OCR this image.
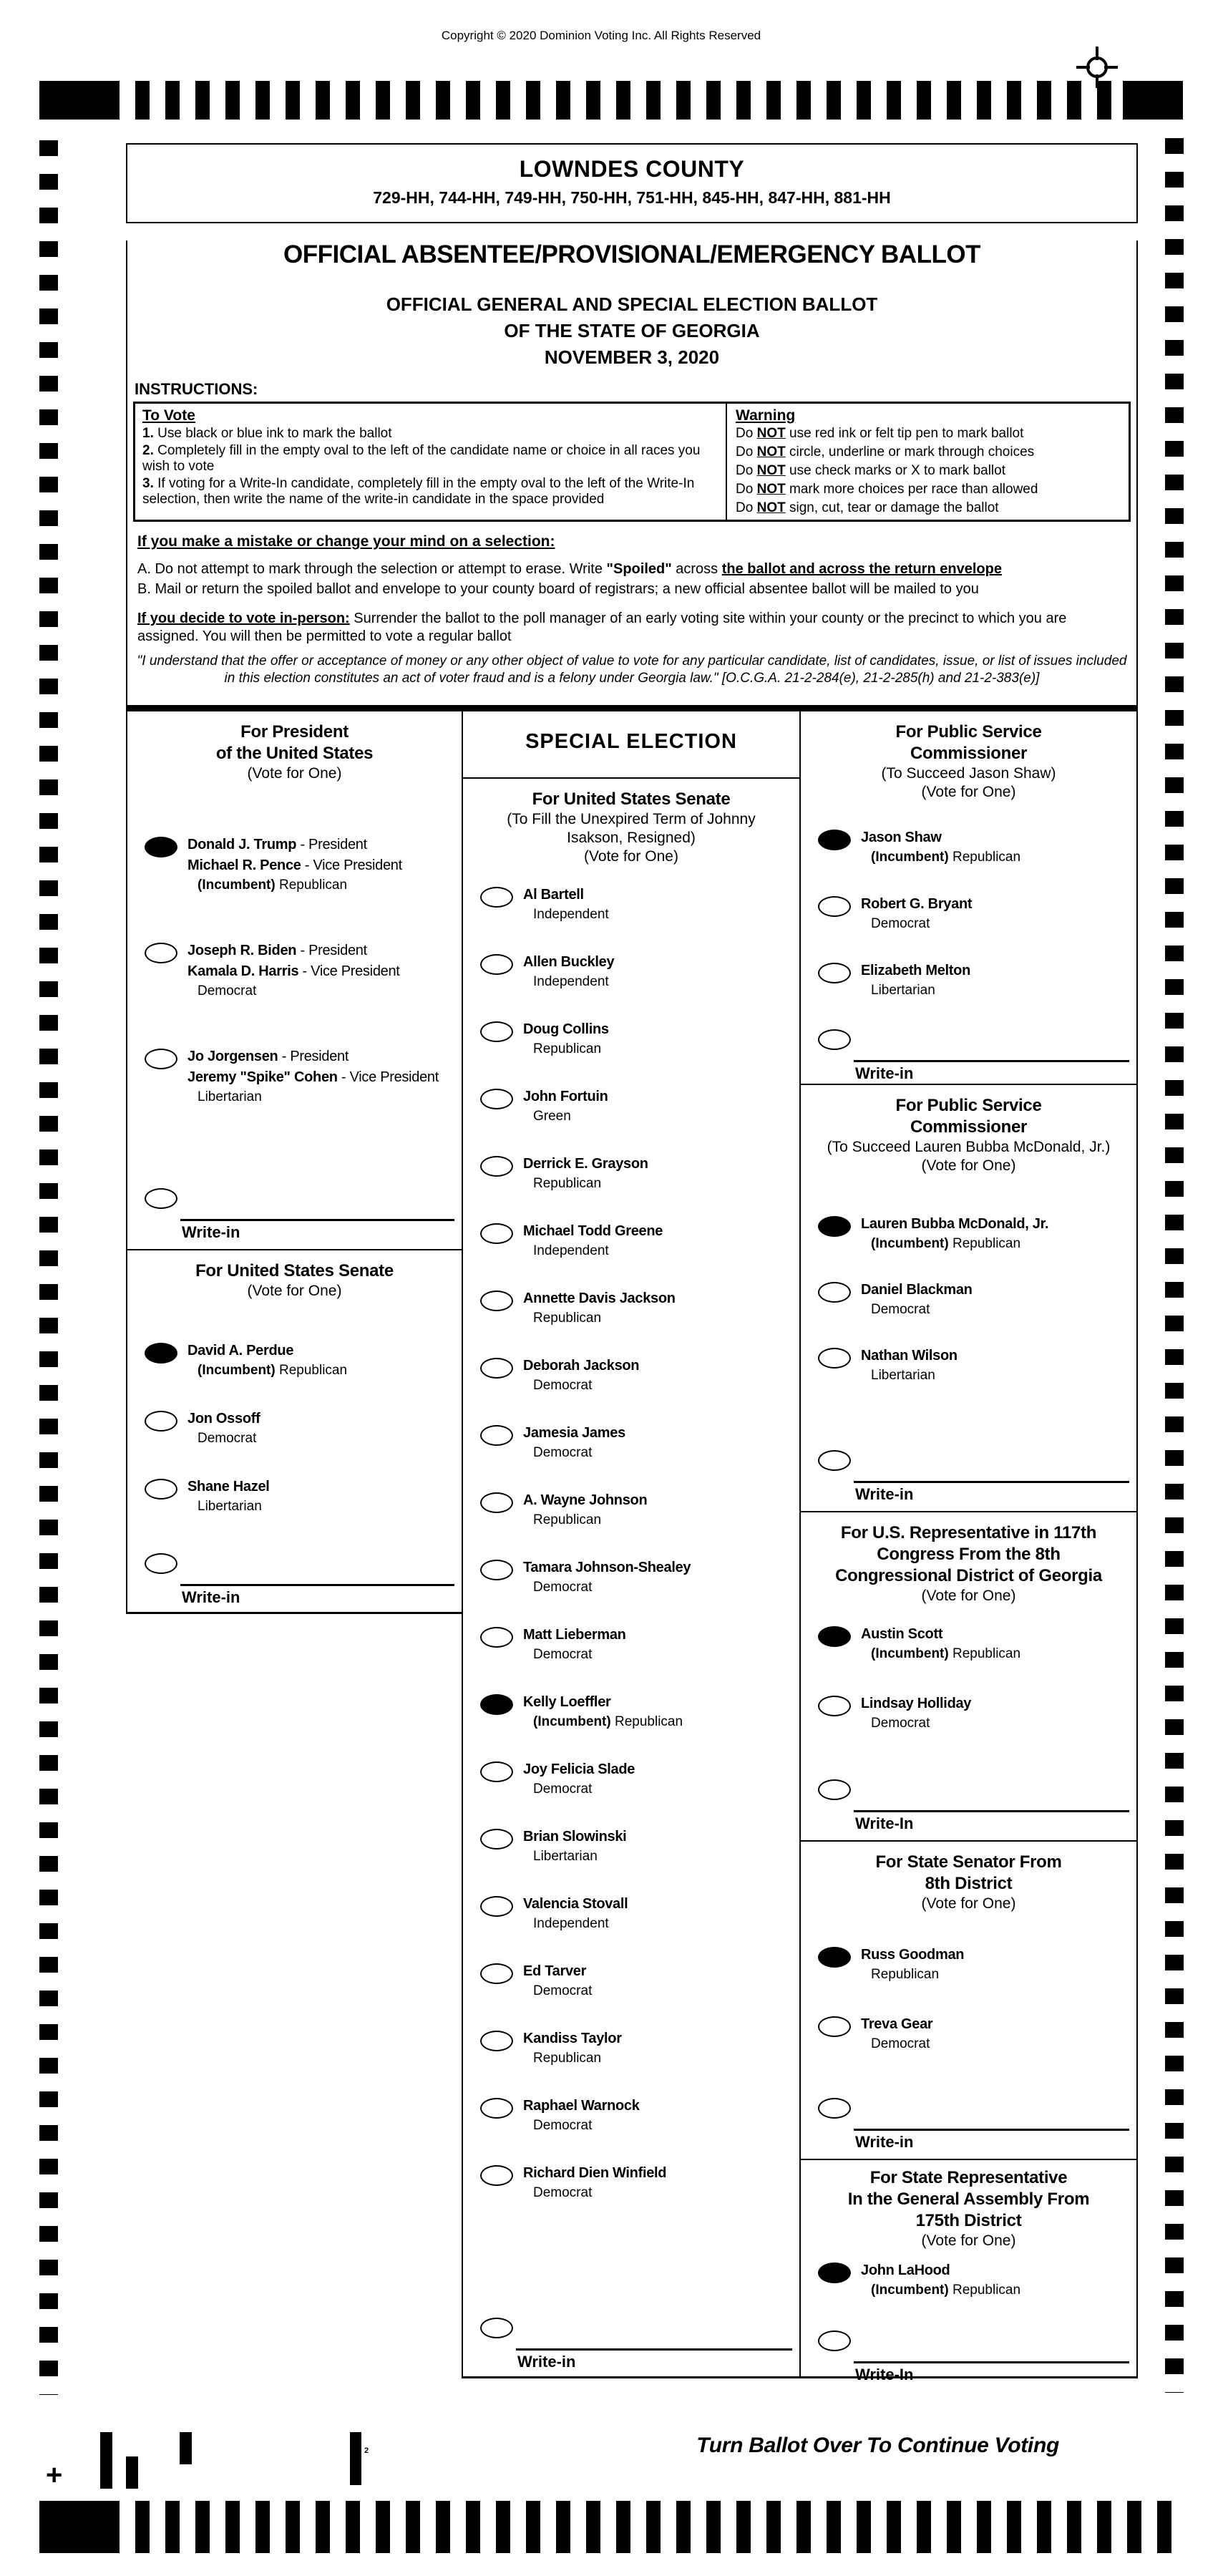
Copyright © 2020 Dominion Voting Inc. All Rights Reserved
LOWNDES COUNTY
729-HH, 744-HH, 749-HH, 750-HH, 751-HH, 845-HH, 847-HH, 881-HH
OFFICIAL ABSENTEE/PROVISIONAL/EMERGENCY BALLOT
OFFICIAL GENERAL AND SPECIAL ELECTION BALLOT
OF THE STATE OF GEORGIA
NOVEMBER 3, 2020
INSTRUCTIONS:
To Vote
1. Use black or blue ink to mark the ballot
2. Completely fill in the empty oval to the left of the candidate name or choice in all races you wish to vote
3. If voting for a Write-In candidate, completely fill in the empty oval to the left of the Write-In selection, then write the name of the write-in candidate in the space provided
Warning
Do NOT use red ink or felt tip pen to mark ballot
Do NOT circle, underline or mark through choices
Do NOT use check marks or X to mark ballot
Do NOT mark more choices per race than allowed
Do NOT sign, cut, tear or damage the ballot
If you make a mistake or change your mind on a selection:
A. Do not attempt to mark through the selection or attempt to erase. Write "Spoiled" across the ballot and across the return envelope
B. Mail or return the spoiled ballot and envelope to your county board of registrars; a new official absentee ballot will be mailed to you
If you decide to vote in-person: Surrender the ballot to the poll manager of an early voting site within your county or the precinct to which you are assigned. You will then be permitted to vote a regular ballot
"I understand that the offer or acceptance of money or any other object of value to vote for any particular candidate, list of candidates, issue, or list of issues included in this election constitutes an act of voter fraud and is a felony under Georgia law." [O.C.G.A. 21-2-284(e), 21-2-285(h) and 21-2-383(e)]
For President
of the United States
(Vote for One)
Donald J. Trump - President
Michael R. Pence - Vice President
(Incumbent) Republican
Joseph R. Biden - President
Kamala D. Harris - Vice President
Democrat
Jo Jorgensen - President
Jeremy "Spike" Cohen - Vice President
Libertarian
Write-in
For United States Senate
(Vote for One)
David A. Perdue
(Incumbent) Republican
Jon Ossoff
Democrat
Shane Hazel
Libertarian
Write-in
SPECIAL ELECTION
For United States Senate
(To Fill the Unexpired Term of Johnny
Isakson, Resigned)
(Vote for One)
Al Bartell
Independent
Allen Buckley
Independent
Doug Collins
Republican
John Fortuin
Green
Derrick E. Grayson
Republican
Michael Todd Greene
Independent
Annette Davis Jackson
Republican
Deborah Jackson
Democrat
Jamesia James
Democrat
A. Wayne Johnson
Republican
Tamara Johnson-Shealey
Democrat
Matt Lieberman
Democrat
Kelly Loeffler
(Incumbent) Republican
Joy Felicia Slade
Democrat
Brian Slowinski
Libertarian
Valencia Stovall
Independent
Ed Tarver
Democrat
Kandiss Taylor
Republican
Raphael Warnock
Democrat
Richard Dien Winfield
Democrat
Write-in
For Public Service
Commissioner
(To Succeed Jason Shaw)
(Vote for One)
Jason Shaw
(Incumbent) Republican
Robert G. Bryant
Democrat
Elizabeth Melton
Libertarian
Write-in
For Public Service
Commissioner
(To Succeed Lauren Bubba McDonald, Jr.)
(Vote for One)
Lauren Bubba McDonald, Jr.
(Incumbent) Republican
Daniel Blackman
Democrat
Nathan Wilson
Libertarian
Write-in
For U.S. Representative in 117th
Congress From the 8th
Congressional District of Georgia
(Vote for One)
Austin Scott
(Incumbent) Republican
Lindsay Holliday
Democrat
Write-In
For State Senator From
8th District
(Vote for One)
Russ Goodman
Republican
Treva Gear
Democrat
Write-in
For State Representative
In the General Assembly From
175th District
(Vote for One)
John LaHood
(Incumbent) Republican
Write-In
+
2	Turn Ballot Over To Continue Voting
